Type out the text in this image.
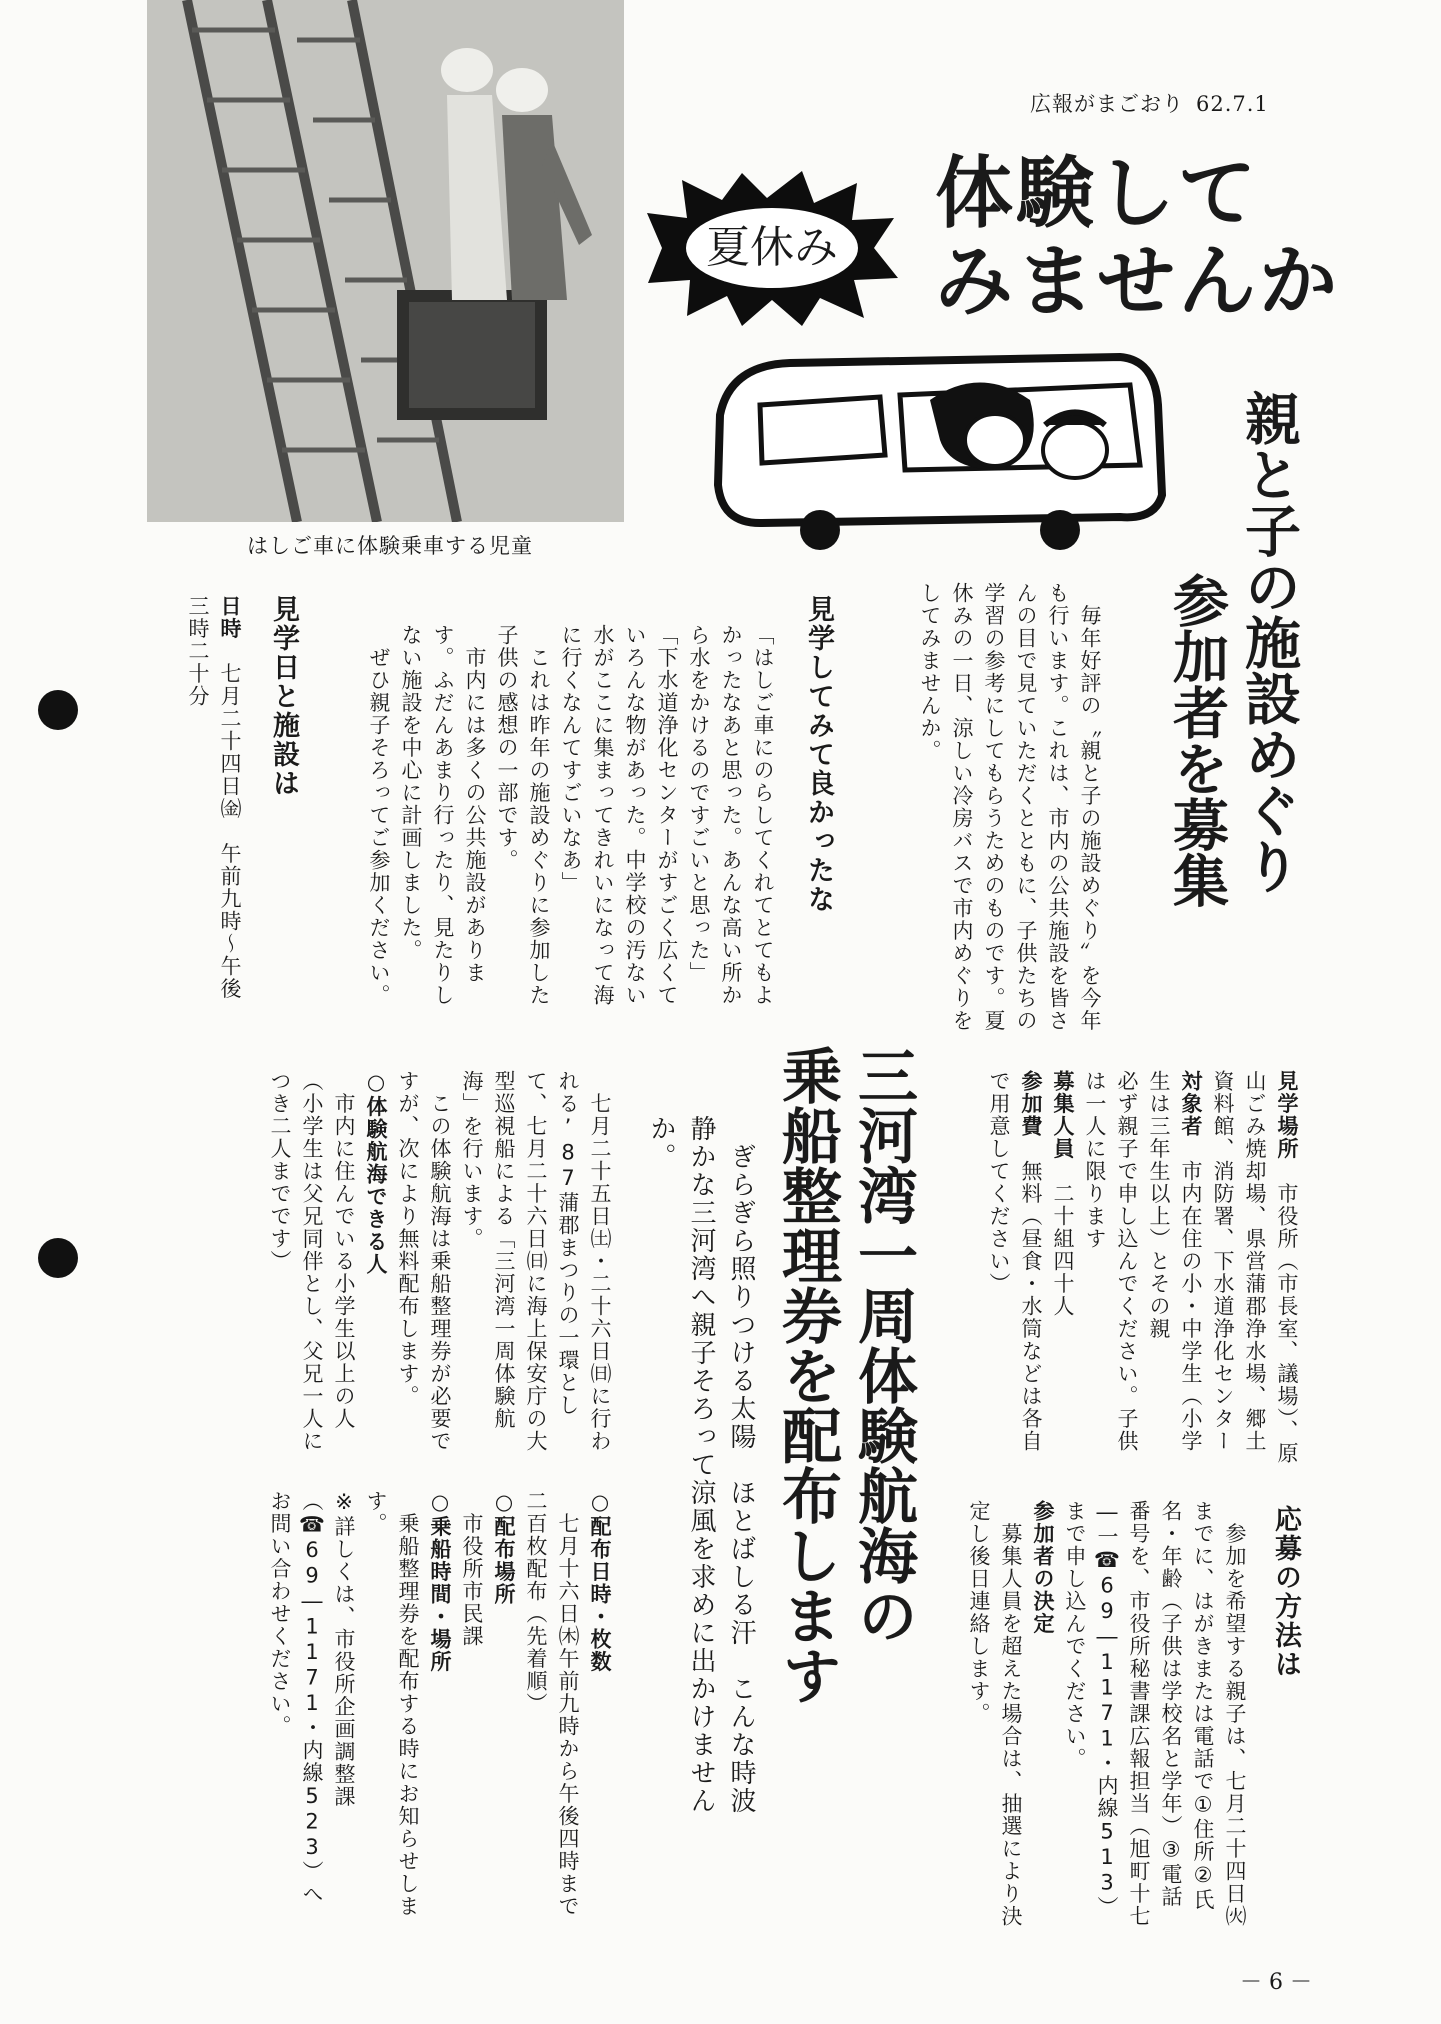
はしご車に体験乗車する児童
広報がまごおり 62.7.1
夏休み
体験して
みませんか
親と子の施設めぐり
参加者を募集
　毎年好評の〝親と子の施設めぐり〟を今年も行います。これは、市内の公共施設を皆さんの目で見ていただくとともに、子供たちの学習の参考にしてもらうためのものです。夏休みの一日、涼しい冷房バスで市内めぐりをしてみませんか。
見学してみて良かったな

「はしご車にのらしてくれてとてもよかったなあと思った。あんな高い所から水をかけるのですごいと思った」

「下水道浄化センターがすごく広くていろんな物があった。中学校の汚ない水がここに集まってきれいになって海に行くなんてすごいなあ」

　これは昨年の施設めぐりに参加した子供の感想の一部です。

　市内には多くの公共施設があります。ふだんあまり行ったり、見たりしない施設を中心に計画しました。

　ぜひ親子そろってご参加ください。

見学日と施設は
日時　七月二十四日㈮　午前九時～午後三時二十分

見学場所　市役所（市長室、議場）、原山ごみ焼却場、県営蒲郡浄水場、郷土資料館、消防署、下水道浄化センター

対象者　市内在住の小・中学生（小学生は三年生以上）とその親

必ず親子で申し込んでください。子供は一人に限ります

募集人員　二十組四十人

参加費　無料（昼食・水筒などは各自で用意してください）

応募の方法は

　参加を希望する親子は、七月二十四日㈫までに、はがきまたは電話で①住所②氏名・年齢（子供は学校名と学年）③電話番号を、市役所秘書課広報担当（旭町十七―一☎69―1171・内線513）まで申し込んでください。

参加者の決定

　募集人員を超えた場合は、抽選により決定し後日連絡します。

三河湾一周体験航海の
乗船整理券を配布します
　ぎらぎら照りつける太陽　ほとばしる汗　こんな時波静かな三河湾へ親子そろって涼風を求めに出かけませんか。

　七月二十五日㈯・二十六日㈰に行われる’87蒲郡まつりの一環として、七月二十六日㈰に海上保安庁の大型巡視船による「三河湾一周体験航海」を行います。

　この体験航海は乗船整理券が必要ですが、次により無料配布します。

○体験航海できる人

　市内に住んでいる小学生以上の人（小学生は父兄同伴とし、父兄一人につき二人までです）

○配布日時・枚数

　七月十六日㈭午前九時から午後四時まで二百枚配布（先着順）

○配布場所

　市役所市民課

○乗船時間・場所

　乗船整理券を配布する時にお知らせします。

※詳しくは、市役所企画調整課（☎69―1171・内線523）へお問い合わせください。

－ 6 －
